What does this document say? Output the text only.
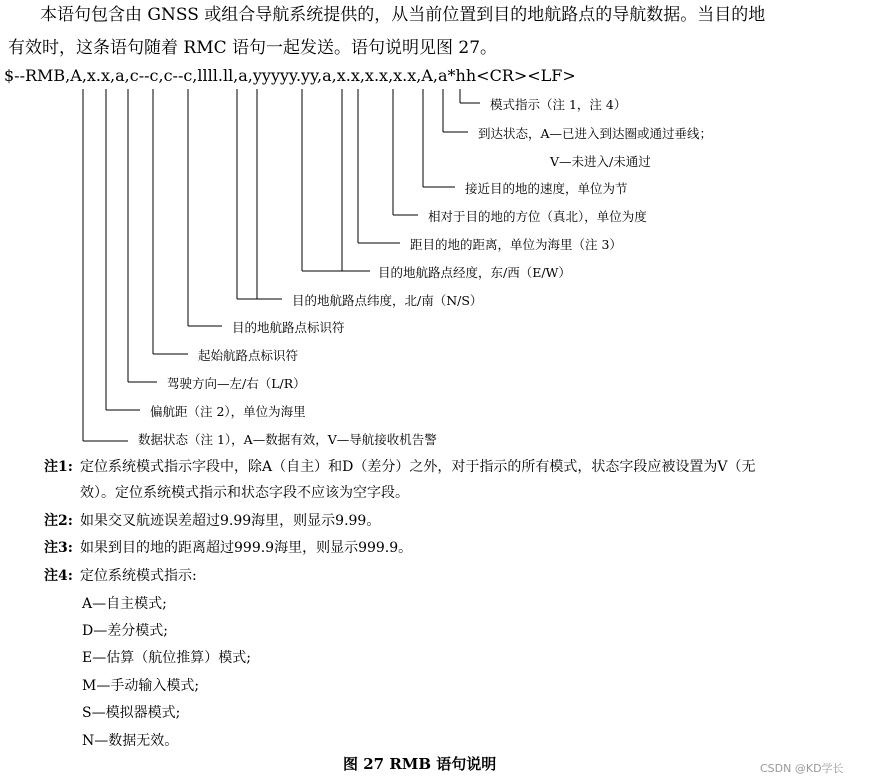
本语句包含由 GNSS 或组合导航系统提供的，从当前位置到目的地航路点的导航数据。当目的地
有效时，这条语句随着 RMC 语句一起发送。语句说明见图 27。
$--RMB,A,x.x,a,c--c,c--c,llll.ll,a,yyyyy.yy,a,x.x,x.x,x.x,A,a*hh<CR><LF>
模式指示（注 1，注 4）
到达状态，A—已进入到达圈或通过垂线；
V—未进入/未通过
接近目的地的速度，单位为节
相对于目的地的方位（真北），单位为度
距目的地的距离，单位为海里（注 3）
目的地航路点经度，东/西（E/W）
目的地航路点纬度，北/南（N/S）
目的地航路点标识符
起始航路点标识符
驾驶方向—左/右（L/R）
偏航距（注 2），单位为海里
数据状态（注 1），A—数据有效，V—导航接收机告警
注1: 定位系统模式指示字段中，除A（自主）和D（差分）之外，对于指示的所有模式，状态字段应被设置为V（无
效）。定位系统模式指示和状态字段不应该为空字段。
注2: 如果交叉航迹误差超过9.99海里，则显示9.99。
注3: 如果到目的地的距离超过999.9海里，则显示999.9。
注4: 定位系统模式指示:
A—自主模式;
D—差分模式;
E—估算（航位推算）模式;
M—手动输入模式;
S—模拟器模式;
N—数据无效。
图 27 RMB 语句说明	CSDN @KD学长
